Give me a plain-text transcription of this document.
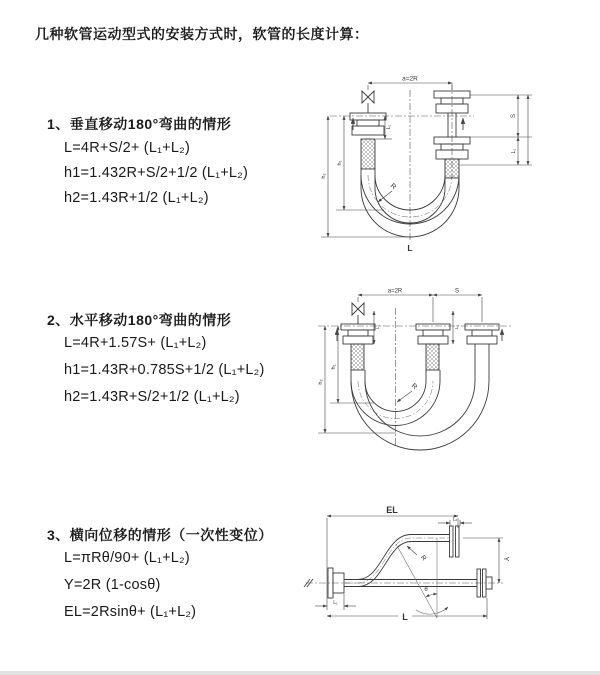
几种软管运动型式的安装方式时，软管的长度计算：
1、垂直移动180°弯曲的情形
L=4R+S/2+ (L₁+L₂)
h1=1.432R+S/2+1/2 (L₁+L₂)
h2=1.43R+1/2 (L₁+L₂)
2、水平移动180°弯曲的情形
L=4R+1.57S+ (L₁+L₂)
h1=1.43R+0.785S+1/2 (L₁+L₂)
h2=1.43R+S/2+1/2 (L₁+L₂)
3、横向位移的情形（一次性变位）
L=πRθ/90+ (L₁+L₂)
Y=2R (1-cosθ)
EL=2Rsinθ+ (L₁+L₂)
a=2R
S
L₂
L₁
h₁
h₂
R
L
a=2R	S
L₁	L₂
h₁
h₂
R
EL
L₂
θ
R	Y
L₁
L
